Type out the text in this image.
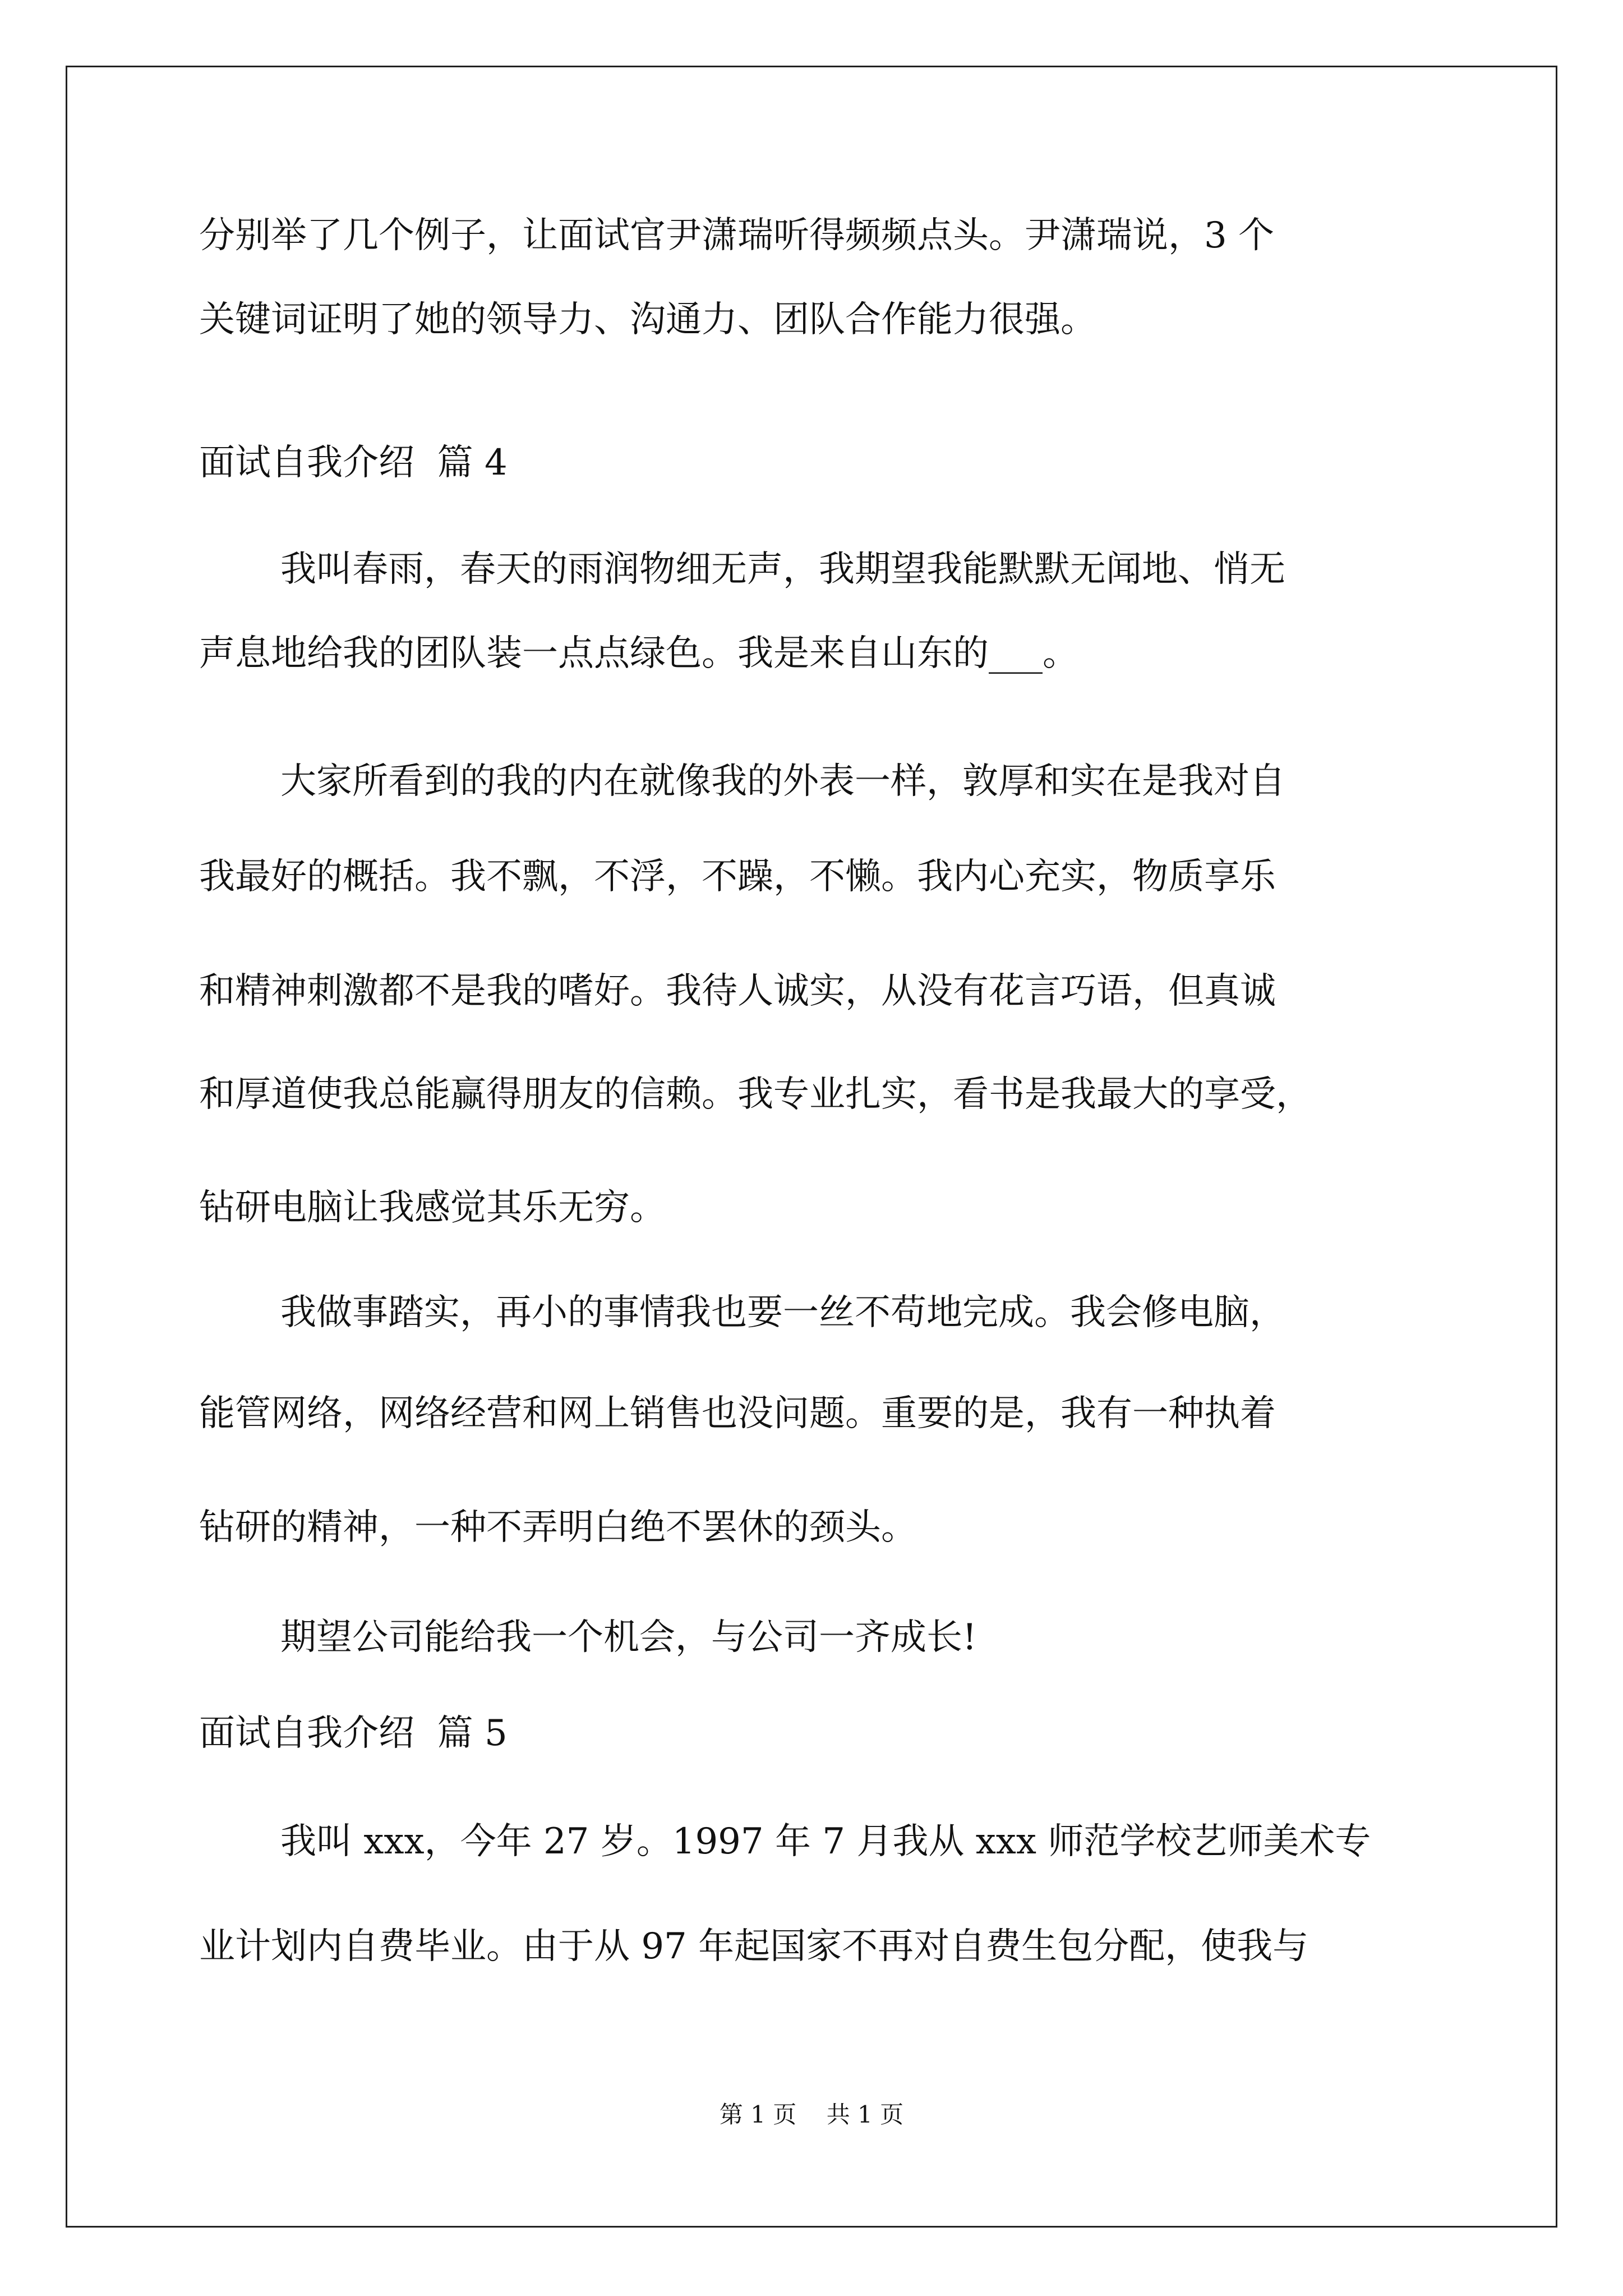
分别举了几个例子，让面试官尹潇瑞听得频频点头。尹潇瑞说，3 个
关键词证明了她的领导力、沟通力、团队合作能力很强。
面试自我介绍  篇 4
我叫春雨，春天的雨润物细无声，我期望我能默默无闻地、悄无
声息地给我的团队装一点点绿色。我是来自山东的___。
大家所看到的我的内在就像我的外表一样，敦厚和实在是我对自
我最好的概括。我不飘，不浮，不躁，不懒。我内心充实，物质享乐
和精神刺激都不是我的嗜好。我待人诚实，从没有花言巧语，但真诚
和厚道使我总能赢得朋友的信赖。我专业扎实，看书是我最大的享受，
钻研电脑让我感觉其乐无穷。
我做事踏实，再小的事情我也要一丝不苟地完成。我会修电脑，
能管网络，网络经营和网上销售也没问题。重要的是，我有一种执着
钻研的精神，一种不弄明白绝不罢休的颈头。
期望公司能给我一个机会，与公司一齐成长!
面试自我介绍  篇 5
我叫 xxx，今年 27 岁。1997 年 7 月我从 xxx 师范学校艺师美术专
业计划内自费毕业。由于从 97 年起国家不再对自费生包分配，使我与
第 1 页    共 1 页
